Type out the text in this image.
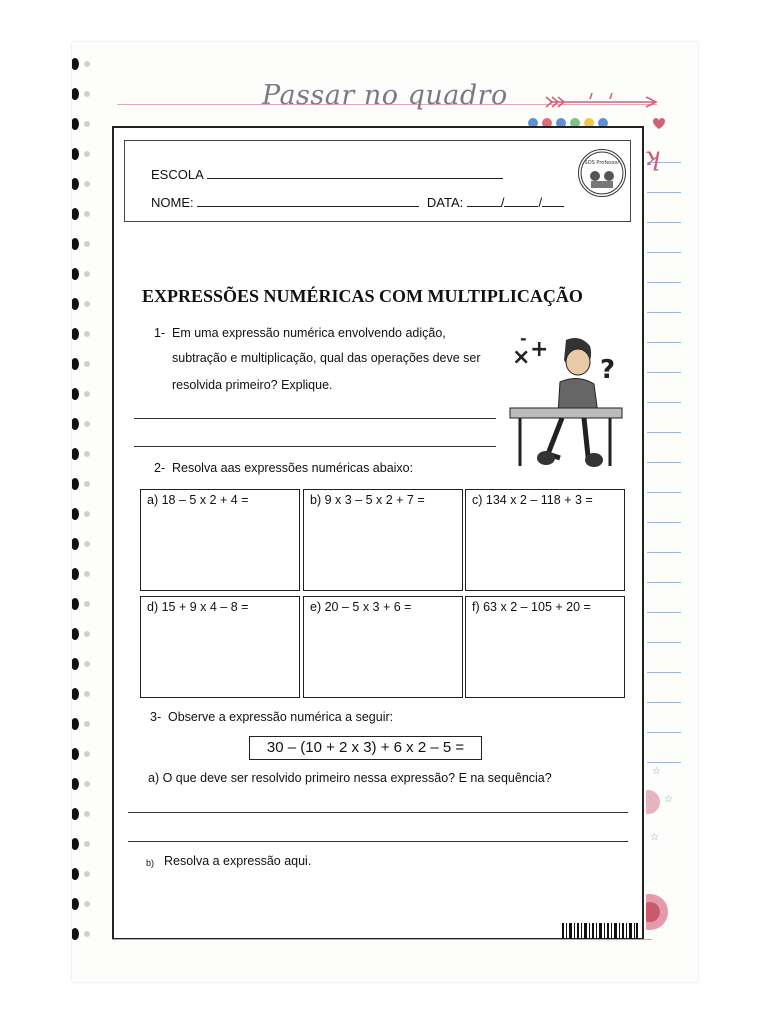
Passar no quadro
ʞ
☆
☆
☆
ESCOLA
NOME:	DATA:	/	/
SOS Professor
EXPRESSÕES NUMÉRICAS COM MULTIPLICAÇÃO
1- Em uma expressão numérica envolvendo adição,
subtração e multiplicação, qual das operações deve ser
resolvida primeiro? Explique.
× +
-
?
2- Resolva aas expressões numéricas abaixo:
a) 18 – 5 x 2 + 4 =	b) 9 x 3 – 5 x 2 + 7 =	c) 134 x 2 – 118 + 3 =
d) 15 + 9 x 4 – 8 =	e) 20 – 5 x 3 + 6 =	f) 63 x 2 – 105 + 20 =
3- Observe a expressão numérica a seguir:
30 – (10 + 2 x 3) + 6 x 2 – 5 =
a) O que deve ser resolvido primeiro nessa expressão? E na sequência?
b) Resolva a expressão aqui.
